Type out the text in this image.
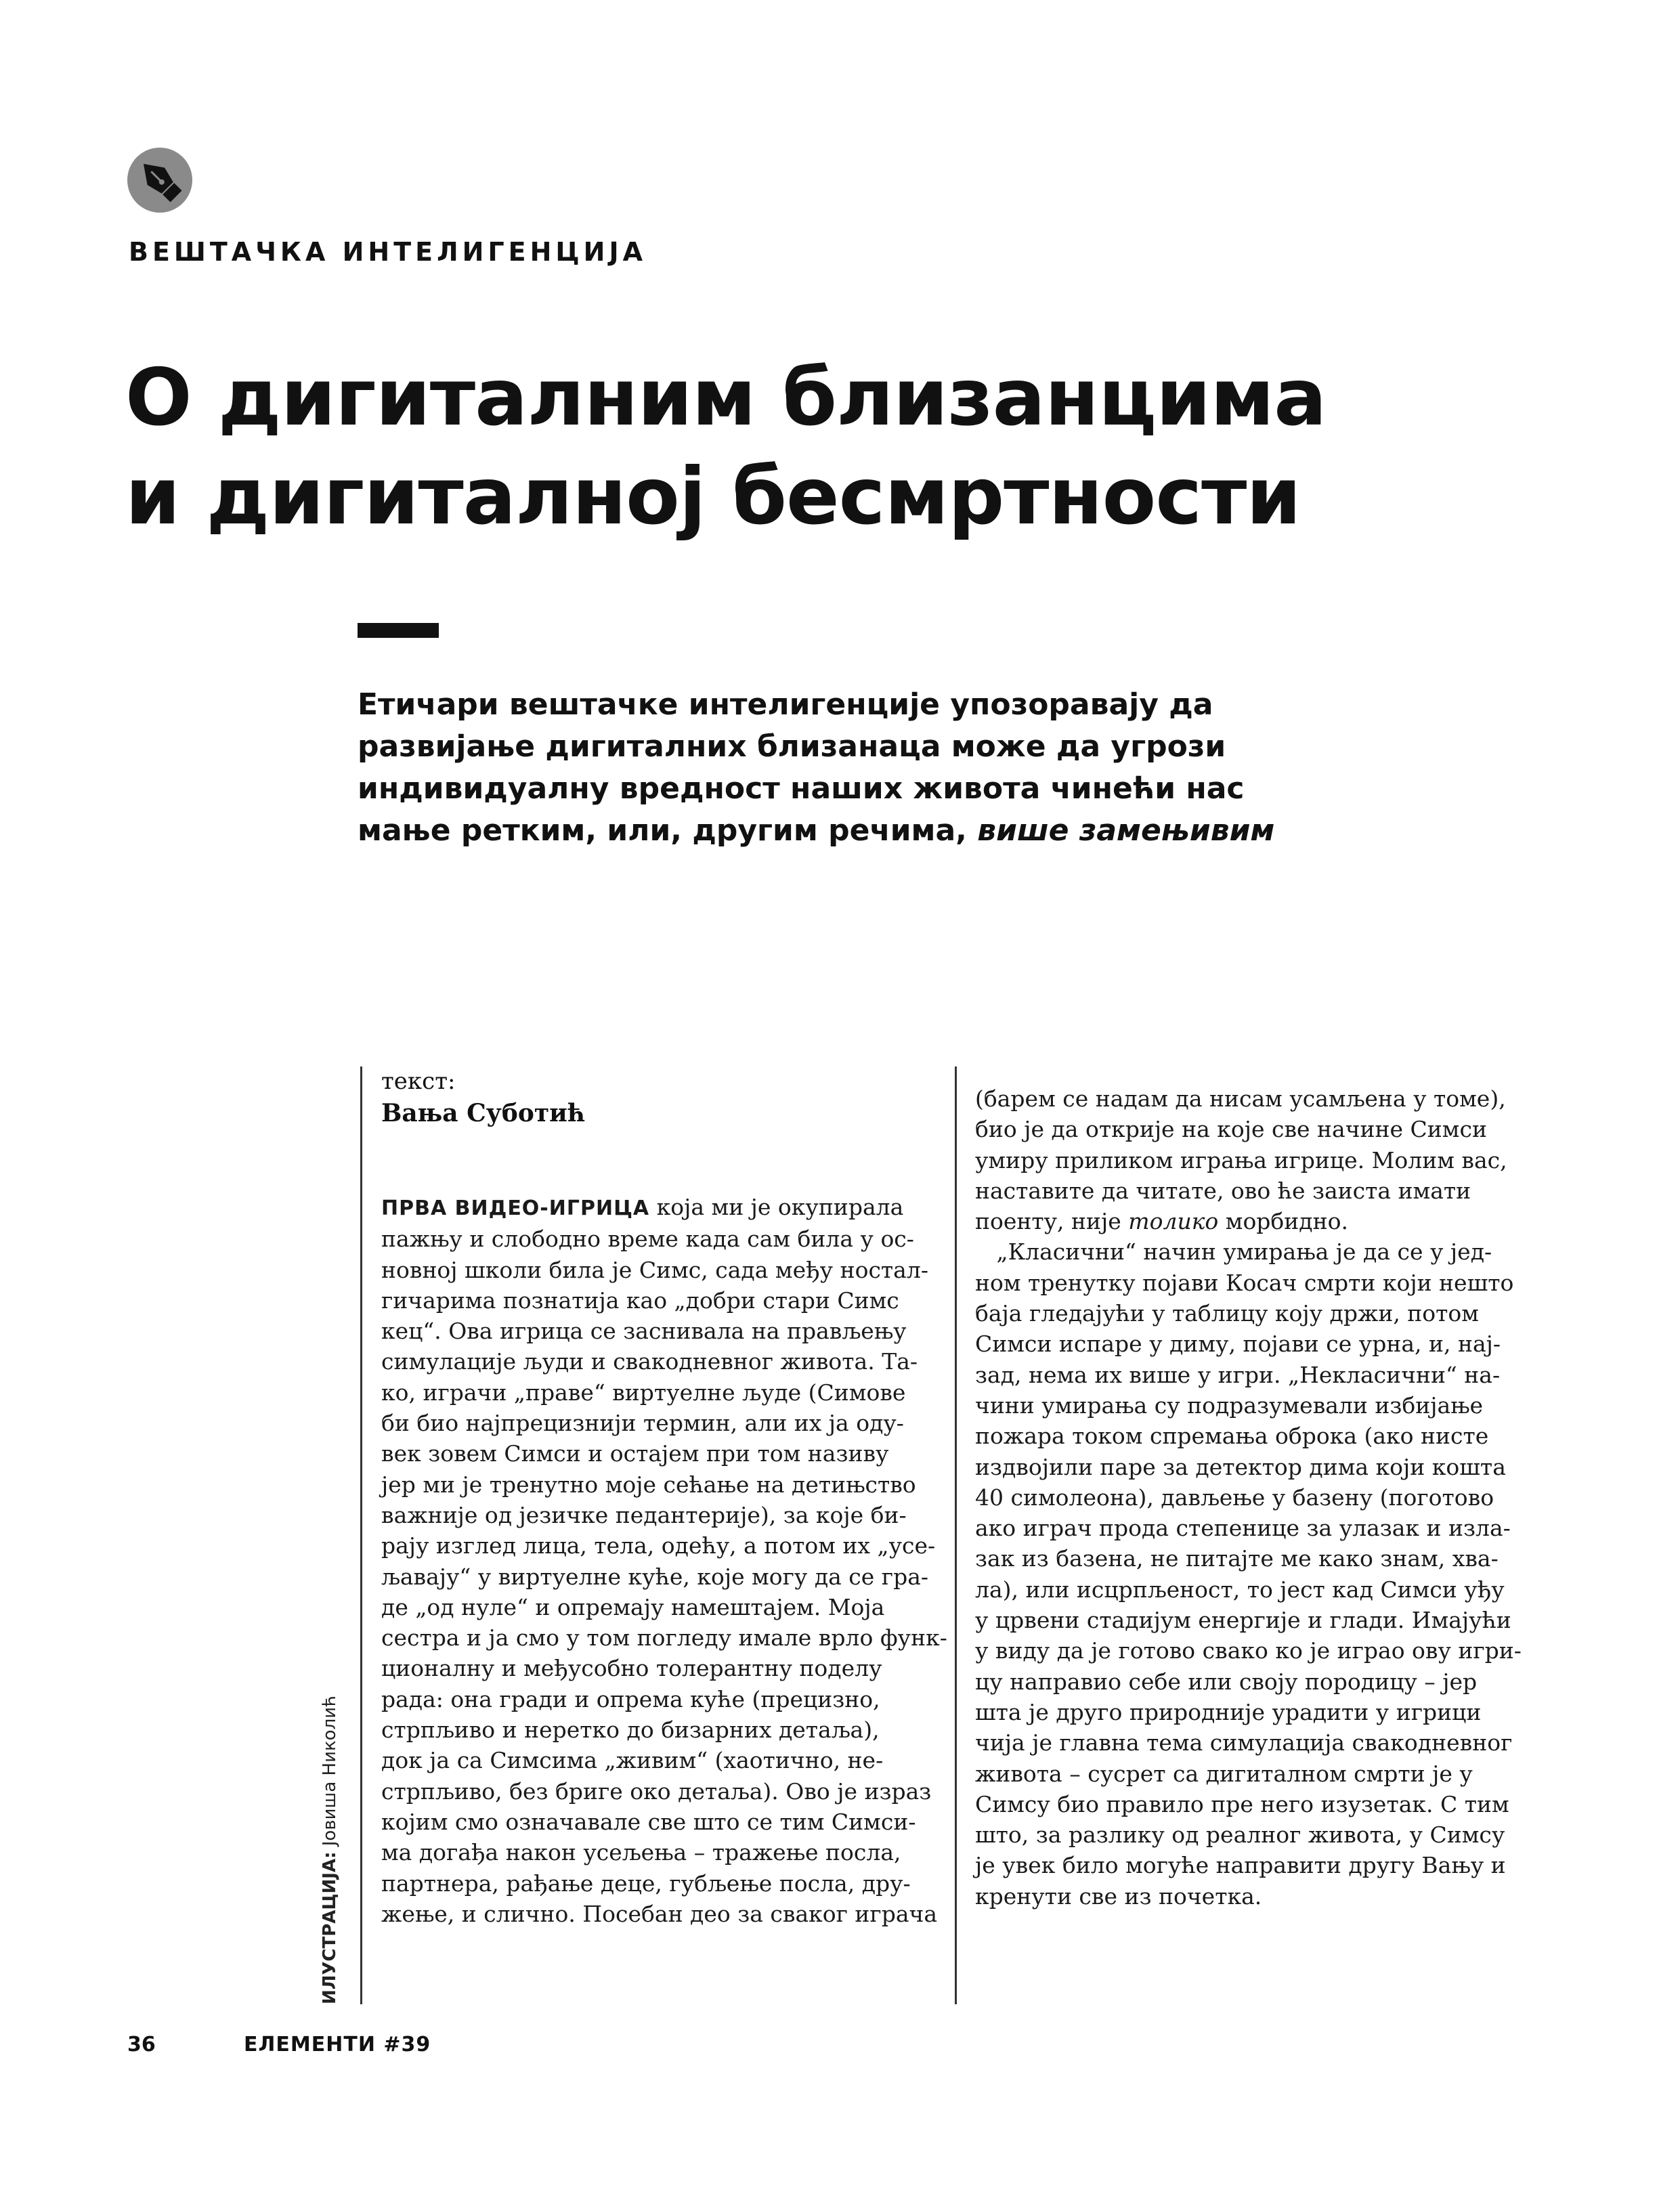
ВЕШТАЧКА ИНТЕЛИГЕНЦИЈА
О дигиталним близанцима
и дигиталној бесмртности

Етичари вештачке интелигенције упозоравају да
развијање дигиталних близанаца може да угрози
индивидуалну вредност наших живота чинећи нас
мање ретким, или, другим речима, више замењивим

текст:

Вања Суботић

ИЛУСТРАЦИЈА: Јовиша Николић
ПРВА ВИДЕО-ИГРИЦА која ми је окупирала
пажњу и слободно време када сам била у ос-
новној школи била је Симс, сада међу ностал-
гичарима познатија као „добри стари Симс
кец“. Ова игрица се заснивала на прављењу
симулације људи и свакодневног живота. Та-
ко, играчи „праве“ виртуелне људе (Симове
би био најпрецизнији термин, али их ја оду-
век зовем Симси и остајем при том називу
јер ми је тренутно моје сећање на детињство
важније од језичке педантерије), за које би-
рају изглед лица, тела, одећу, а потом их „усе-
љавају“ у виртуелне куће, које могу да се гра-
де „од нуле“ и опремају намештајем. Моја
сестра и ја смо у том погледу имале врло функ-
ционалну и међусобно толерантну поделу
рада: она гради и опрема куће (прецизно,
стрпљиво и неретко до бизарних детаља),
док ја са Симсима „живим“ (хаотично, не-
стрпљиво, без бриге око детаља). Ово је израз
којим смо означавале све што се тим Симси-
ма догађа након усељења – тражење посла,
партнера, рађање деце, губљење посла, дру-
жење, и слично. Посебан део за сваког играча
(барем се надам да нисам усамљена у томе),
био је да открије на које све начине Симси
умиру приликом играња игрице. Молим вас,
наставите да читате, ово ће заиста имати
поенту, није толико морбидно.
„Класични“ начин умирања је да се у јед-
ном тренутку појави Косач смрти који нешто
баја гледајући у таблицу коју држи, потом
Симси испаре у диму, појави се урна, и, нај-
зад, нема их више у игри. „Некласични“ на-
чини умирања су подразумевали избијање
пожара током спремања оброка (ако нисте
издвојили паре за детектор дима који кошта
40 симолеона), дављење у базену (поготово
ако играч прода степенице за улазак и изла-
зак из базена, не питајте ме како знам, хва-
ла), или исцрпљеност, то јест кад Симси уђу
у црвени стадијум енергије и глади. Имајући
у виду да је готово свако ко је играо ову игри-
цу направио себе или своју породицу – јер
шта је друго природније урадити у игрици
чија је главна тема симулација свакодневног
живота – сусрет са дигиталном смрти је у
Симсу био правило пре него изузетак. С тим
што, за разлику од реалног живота, у Симсу
је увек било могуће направити другу Вању и
кренути све из почетка.
36	ЕЛЕМЕНТИ #39
